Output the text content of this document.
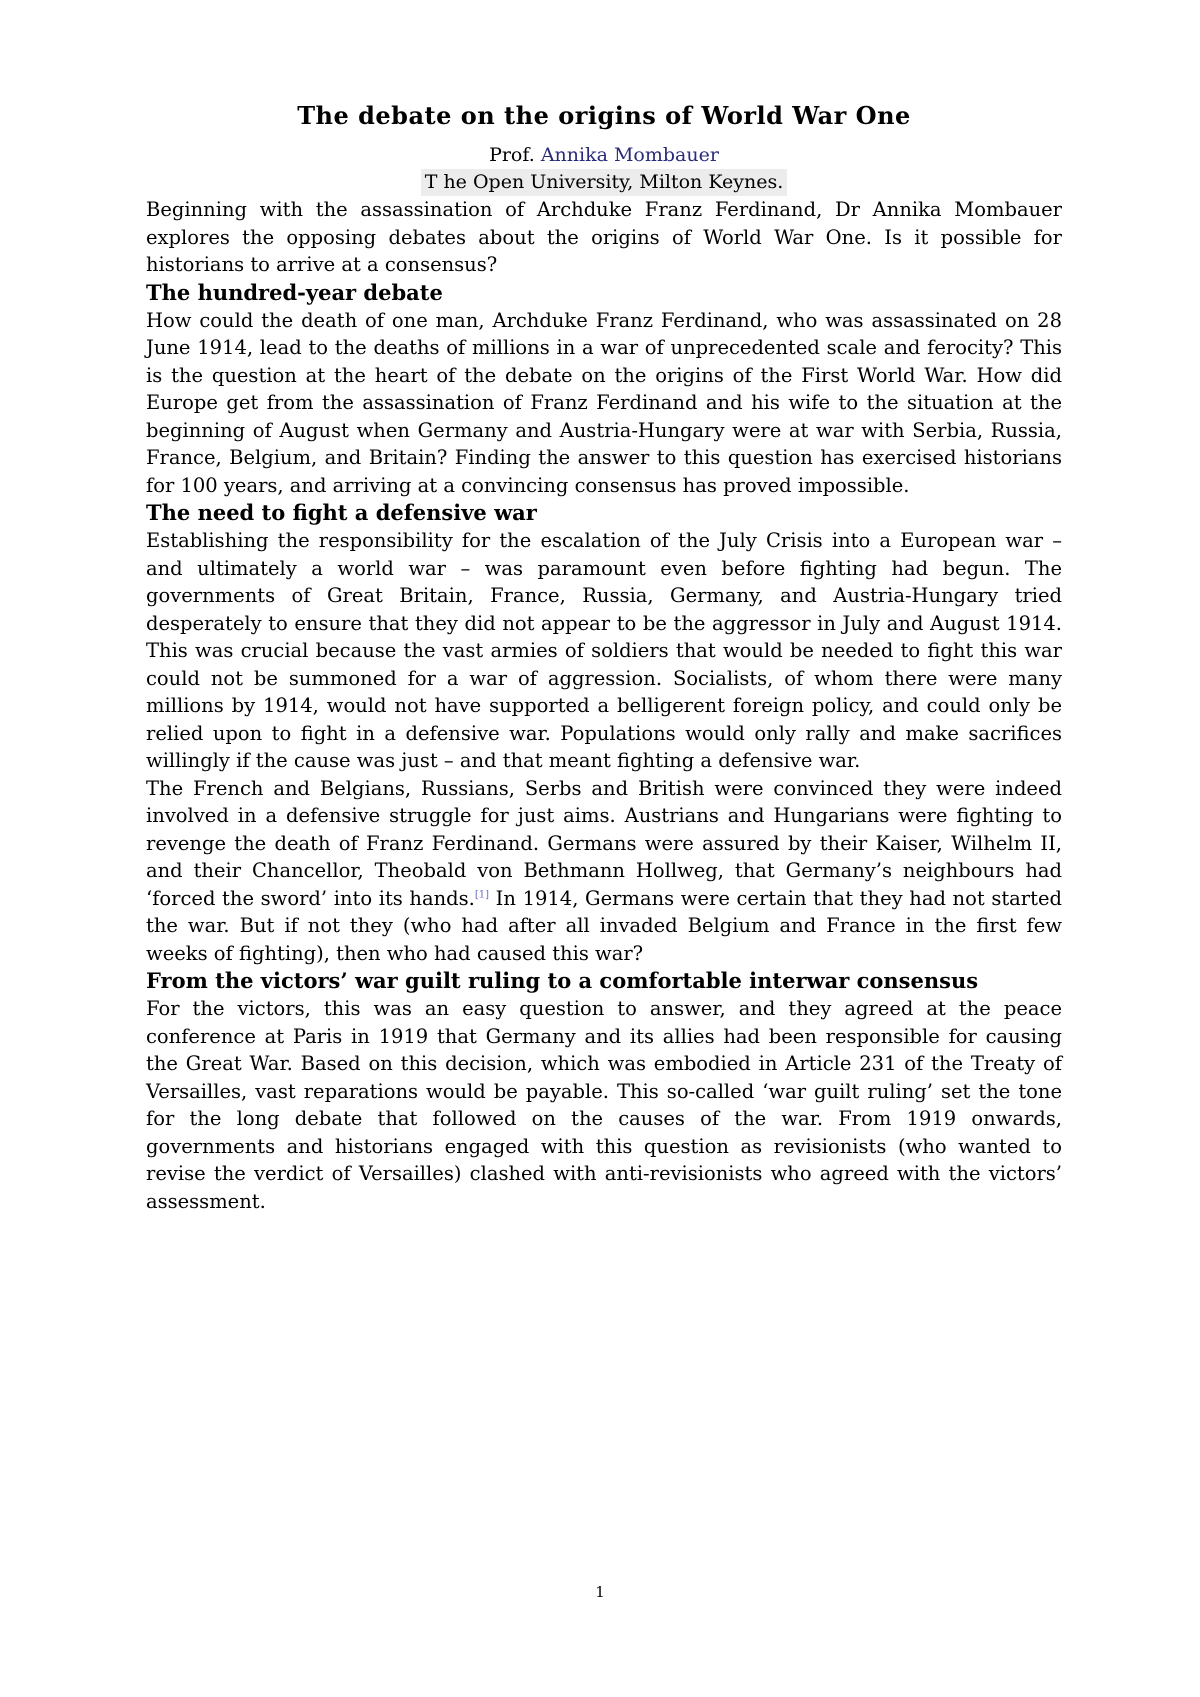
The debate on the origins of World War One
Prof. Annika Mombauer
T he Open University, Milton Keynes.

Beginning with the assassination of Archduke Franz Ferdinand, Dr Annika Mombauer explores the opposing debates about the origins of World War One. Is it possible for historians to arrive at a consensus?

The hundred-year debate

How could the death of one man, Archduke Franz Ferdinand, who was assassinated on 28 June 1914, lead to the deaths of millions in a war of unprecedented scale and ferocity? This is the question at the heart of the debate on the origins of the First World War. How did Europe get from the assassination of Franz Ferdinand and his wife to the situation at the beginning of August when Germany and Austria-Hungary were at war with Serbia, Russia, France, Belgium, and Britain? Finding the answer to this question has exercised historians for 100 years, and arriving at a convincing consensus has proved impossible.

The need to fight a defensive war

Establishing the responsibility for the escalation of the July Crisis into a European war – and ultimately a world war – was paramount even before fighting had begun. The governments of Great Britain, France, Russia, Germany, and Austria-Hungary tried desperately to ensure that they did not appear to be the aggressor in July and August 1914. This was crucial because the vast armies of soldiers that would be needed to fight this war could not be summoned for a war of aggression. Socialists, of whom there were many millions by 1914, would not have supported a belligerent foreign policy, and could only be relied upon to fight in a defensive war. Populations would only rally and make sacrifices willingly if the cause was just – and that meant fighting a defensive war.

The French and Belgians, Russians, Serbs and British were convinced they were indeed involved in a defensive struggle for just aims. Austrians and Hungarians were fighting to revenge the death of Franz Ferdinand. Germans were assured by their Kaiser, Wilhelm II, and their Chancellor, Theobald von Bethmann Hollweg, that Germany’s neighbours had ‘forced the sword’ into its hands.[1] In 1914, Germans were certain that they had not started the war. But if not they (who had after all invaded Belgium and France in the first few weeks of fighting), then who had caused this war?

From the victors’ war guilt ruling to a comfortable interwar consensus

For the victors, this was an easy question to answer, and they agreed at the peace conference at Paris in 1919 that Germany and its allies had been responsible for causing the Great War. Based on this decision, which was embodied in Article 231 of the Treaty of Versailles, vast reparations would be payable. This so-called ‘war guilt ruling’ set the tone for the long debate that followed on the causes of the war. From 1919 onwards, governments and historians engaged with this question as revisionists (who wanted to revise the verdict of Versailles) clashed with anti-revisionists who agreed with the victors’ assessment.

1
